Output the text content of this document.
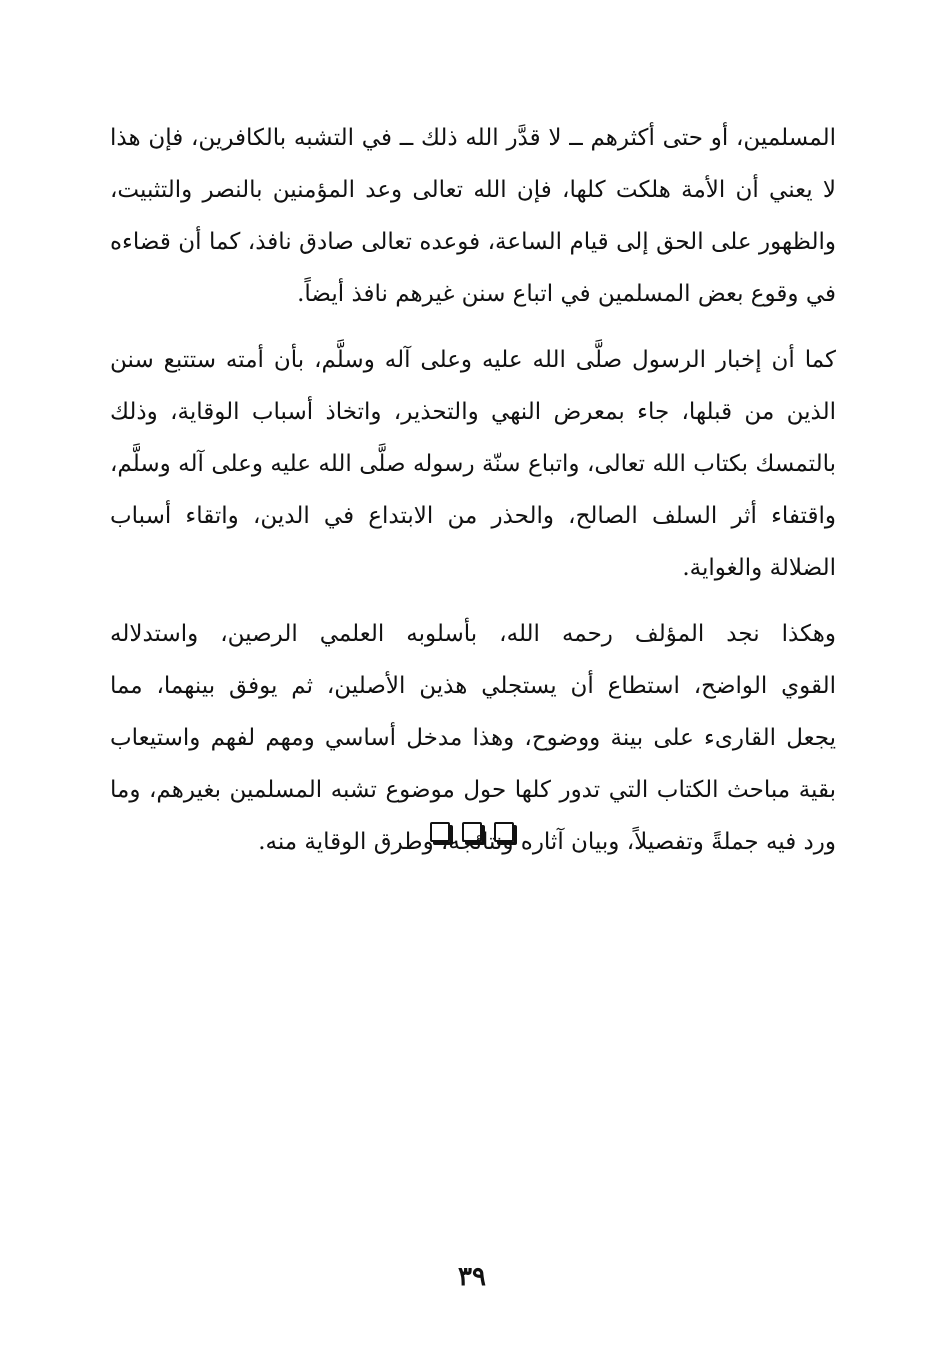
المسلمين، أو حتى أكثرهم ــ لا قدَّر الله ذلك ــ في التشبه بالكافرين، فإن هذا
لا يعني أن الأمة هلكت كلها، فإن الله تعالى وعد المؤمنين بالنصر والتثبيت،
والظهور على الحق إلى قيام الساعة، فوعده تعالى صادق نافذ، كما أن قضاءه
في وقوع بعض المسلمين في اتباع سنن غيرهم نافذ أيضاً.
كما أن إخبار الرسول صلَّى الله عليه وعلى آله وسلَّم، بأن أمته ستتبع سنن
الذين من قبلها، جاء بمعرض النهي والتحذير، واتخاذ أسباب الوقاية، وذلك
بالتمسك بكتاب الله تعالى، واتباع سنّة رسوله صلَّى الله عليه وعلى آله وسلَّم،
واقتفاء أثر السلف الصالح، والحذر من الابتداع في الدين، واتقاء أسباب
الضلالة والغواية.
وهكذا نجد المؤلف رحمه الله، بأسلوبه العلمي الرصين، واستدلاله
القوي الواضح، استطاع أن يستجلي هذين الأصلين، ثم يوفق بينهما، مما
يجعل القارىء على بينة ووضوح، وهذا مدخل أساسي ومهم لفهم واستيعاب
بقية مباحث الكتاب التي تدور كلها حول موضوع تشبه المسلمين بغيرهم، وما
ورد فيه جملةً وتفصيلاً، وبيان آثاره ونتائجه، وطرق الوقاية منه.
٣٩
